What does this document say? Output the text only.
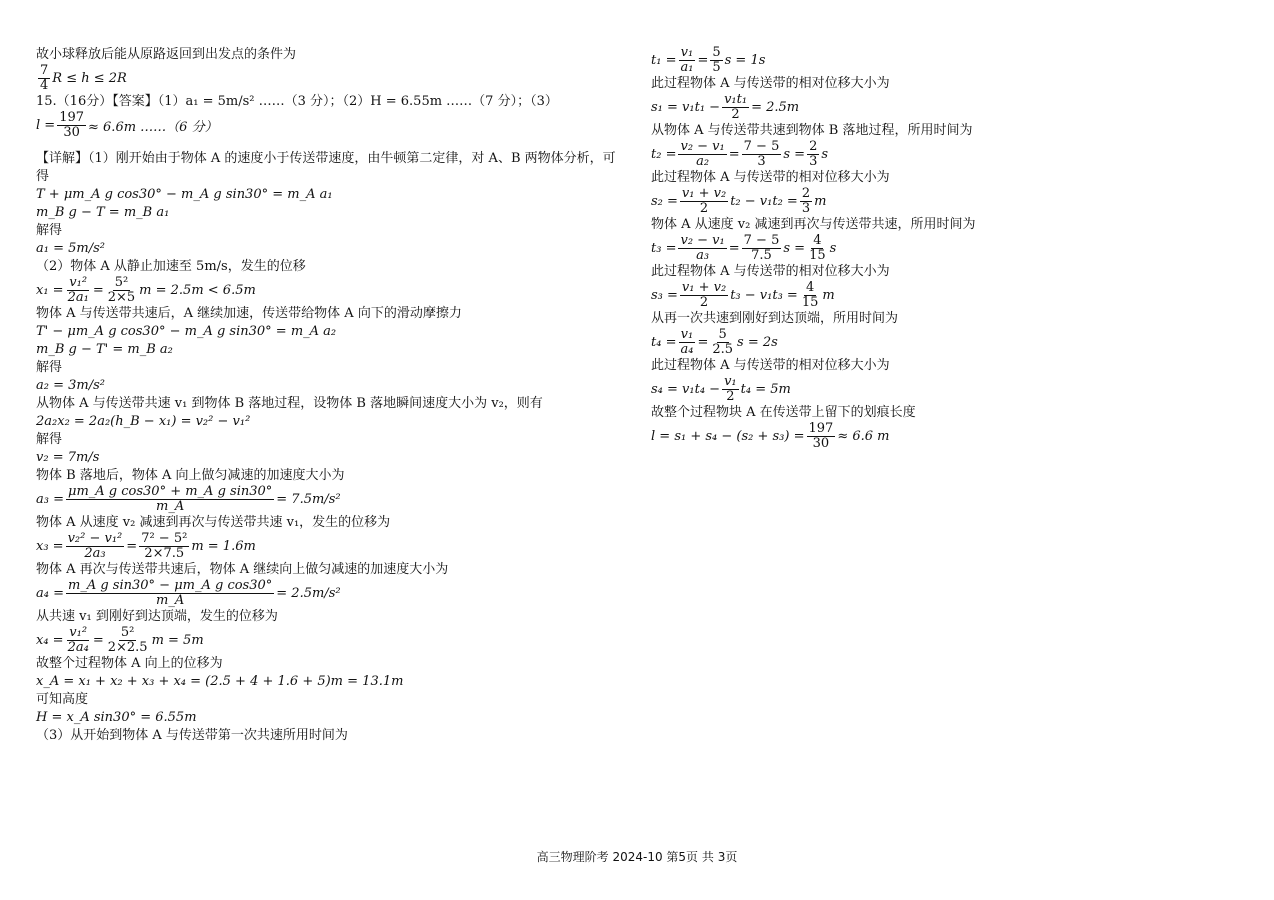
故小球释放后能从原路返回到出发点的条件为
$\frac{7}{4}$ R ≤ h ≤ 2R
15.（16分）【答案】（1）a₁ = 5m/s² ……（3 分）；（2）H = 6.55m ……（7 分）；（3）
$l = \frac{197}{30} \approx 6.6m$ ……（6 分）
【详解】（1）刚开始由于物体 A 的速度小于传送带速度，由牛顿第二定律，对 A、B 两物体分析，可
得
T + μm_A g cos30° − m_A g sin30° = m_A a₁
m_B g − T = m_B a₁
解得
a₁ = 5m/s²
（2）物体 A 从静止加速至 5m/s，发生的位移
$x_1 = \frac{\text{v₁²}}{\text{2a₁}} = \frac{\text{5²}}{2\times 5}$ m = 2.5m < 6.5m
物体 A 与传送带共速后，A 继续加速，传送带给物体 A 向下的滑动摩擦力
T' − μm_A g cos30° − m_A g sin30° = m_A a₂
m_B g − T' = m_B a₂
解得
a₂ = 3m/s²
从物体 A 与传送带共速 v₁ 到物体 B 落地过程，设物体 B 落地瞬间速度大小为 v₂，则有
2a₂x₂ = 2a₂(h_B − x₁) = v₂² − v₁²
解得
v₂ = 7m/s
物体 B 落地后，物体 A 向上做匀减速的加速度大小为
$a_3 = \frac{\text{μm\_A g cos30° + m\_A g sin30°}}{m\_A} = 7.5m/s^2$
物体 A 从速度 v₂ 减速到再次与传送带共速 v₁，发生的位移为
$x_3 = \frac{\text{v₂² − v₁²}}{\text{2a₃}} = \frac{\text{7² − 5²}}{2\times 7.5}$ m = 1.6m
物体 A 再次与传送带共速后，物体 A 继续向上做匀减速的加速度大小为
$a_4 = \frac{\text{m\_A g sin30° − μm\_A g cos30°}}{m\_A} = 2.5m/s^2$
从共速 v₁ 到刚好到达顶端，发生的位移为
$x_4 = \frac{\text{v₁²}}{\text{2a₄}} = \frac{\text{5²}}{2\times 2.5}$ m = 5m
故整个过程物体 A 向上的位移为
x_A = x₁ + x₂ + x₃ + x₄ = (2.5 + 4 + 1.6 + 5)m = 13.1m
可知高度
H = x_A sin30° = 6.55m
（3）从开始到物体 A 与传送带第一次共速所用时间为
$t_1 = \frac{\text{v₁}}{\text{a₁}} = \frac{5}{5}$ s = 1s
此过程物体 A 与传送带的相对位移大小为
$s_1 = v_1t_1 - \frac{\text{v₁t₁}}{2} = 2.5m$
从物体 A 与传送带共速到物体 B 落地过程，所用时间为
$t_2 = \frac{\text{v₂ − v₁}}{\text{a₂}} = \frac{7 - 5}{3}$ $s = \frac{2}{3}$ s
此过程物体 A 与传送带的相对位移大小为
$s_2 = \frac{\text{v₁ + v₂}}{2} t_2 - v_1t_2 = \frac{2}{3}$ m
物体 A 从速度 v₂ 减速到再次与传送带共速，所用时间为
$t_3 = \frac{\text{v₂ − v₁}}{\text{a₃}} = \frac{7 - 5}{7.5}$ $s = \frac{4}{15}$ s
此过程物体 A 与传送带的相对位移大小为
$s_3 = \frac{\text{v₁ + v₂}}{2} t_3 - v_1t_3 = \frac{4}{15}$ m
从再一次共速到刚好到达顶端，所用时间为
$t_4 = \frac{\text{v₁}}{\text{a₄}} = \frac{5}{2.5}$ s = 2s
此过程物体 A 与传送带的相对位移大小为
$s_4 = v_1t_4 - \frac{\text{v₁}}{2} t_4 = 5m$
故整个过程物块 A 在传送带上留下的划痕长度
$l = s_1 + s_4 - (s_2 + s_3) = \frac{197}{30} \approx 6.6$ m
高三物理阶考 2024-10 第5页 共 3页
